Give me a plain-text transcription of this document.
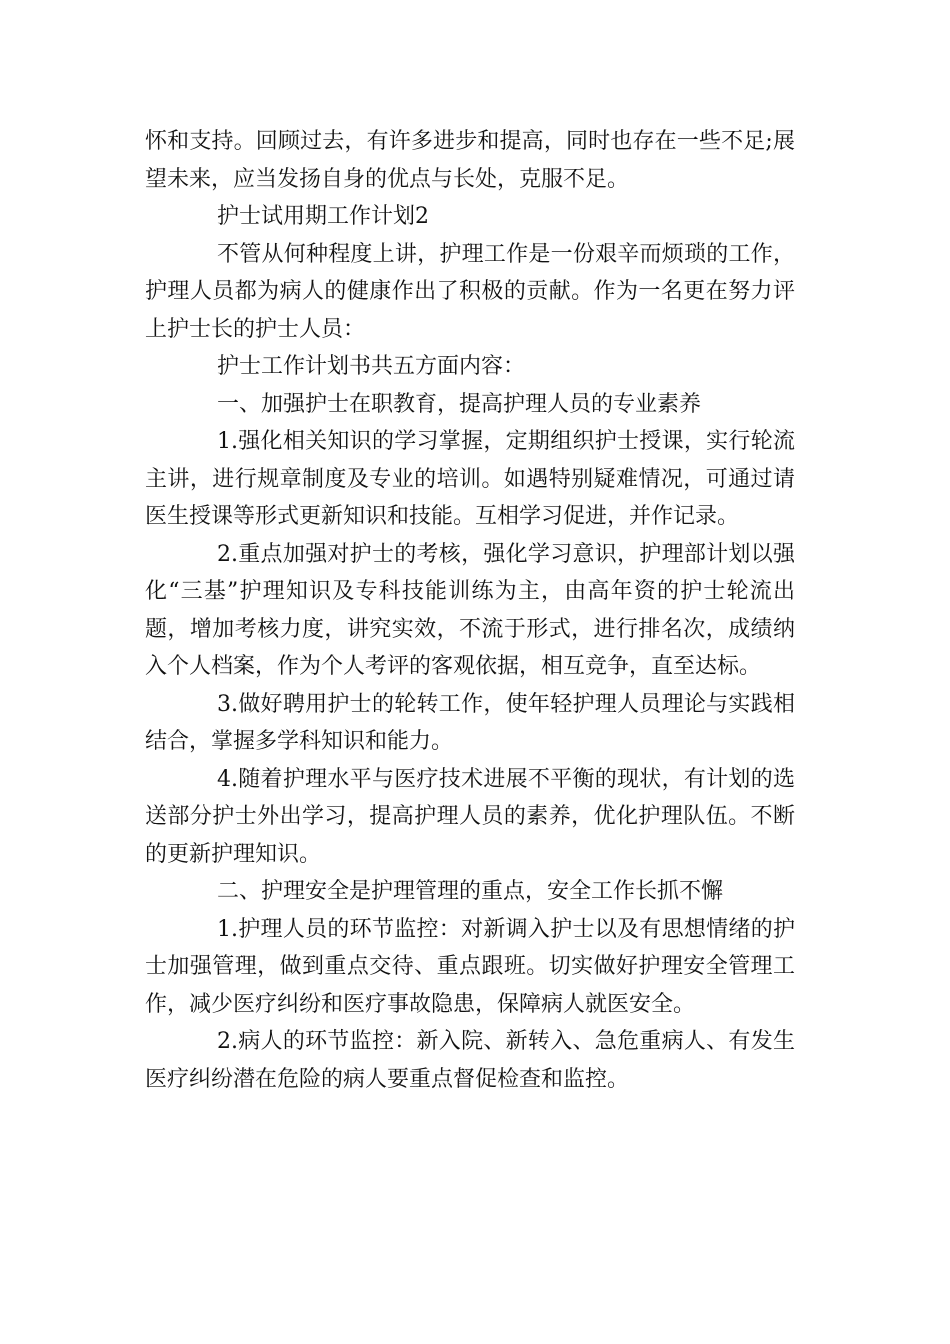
怀和支持。回顾过去，有许多进步和提高，同时也存在一些不足;展望未来，应当发扬自身的优点与长处，克服不足。

护士试用期工作计划2

不管从何种程度上讲，护理工作是一份艰辛而烦琐的工作，护理人员都为病人的健康作出了积极的贡献。作为一名更在努力评上护士长的护士人员：

护士工作计划书共五方面内容：

一、加强护士在职教育，提高护理人员的专业素养

1.强化相关知识的学习掌握，定期组织护士授课，实行轮流主讲，进行规章制度及专业的培训。如遇特别疑难情况，可通过请医生授课等形式更新知识和技能。互相学习促进，并作记录。

2.重点加强对护士的考核，强化学习意识，护理部计划以强化“三基”护理知识及专科技能训练为主，由高年资的护士轮流出题，增加考核力度，讲究实效，不流于形式，进行排名次，成绩纳入个人档案，作为个人考评的客观依据，相互竞争，直至达标。

3.做好聘用护士的轮转工作，使年轻护理人员理论与实践相结合，掌握多学科知识和能力。

4.随着护理水平与医疗技术进展不平衡的现状，有计划的选送部分护士外出学习，提高护理人员的素养，优化护理队伍。不断的更新护理知识。

二、护理安全是护理管理的重点，安全工作长抓不懈

1.护理人员的环节监控：对新调入护士以及有思想情绪的护士加强管理，做到重点交待、重点跟班。切实做好护理安全管理工作，减少医疗纠纷和医疗事故隐患，保障病人就医安全。

2.病人的环节监控：新入院、新转入、急危重病人、有发生医疗纠纷潜在危险的病人要重点督促检查和监控。
